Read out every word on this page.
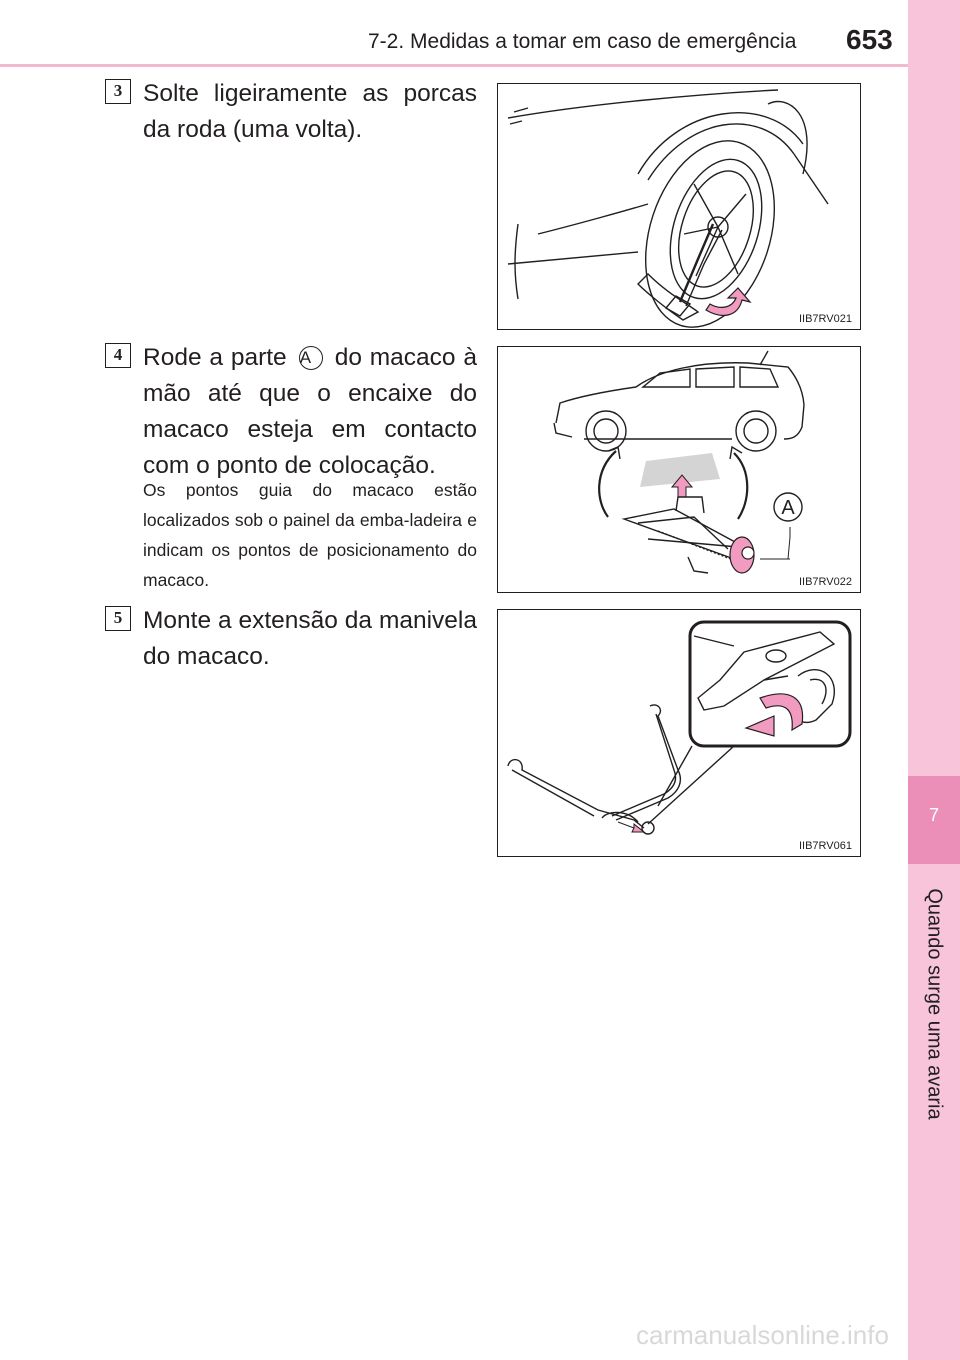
7-2. Medidas a tomar em caso de emergência 653
7
Quando surge uma avaria
3 Solte ligeiramente as porcas da roda (uma volta).
IIB7RV021
4 Rode a parte A do macaco à mão até que o encaixe do macaco esteja em contacto com o ponto de colocação.
Os pontos guia do macaco estão localizados sob o painel da emba-ladeira e indicam os pontos de posicionamento do macaco.
A
IIB7RV022
5 Monte a extensão da manivela do macaco.
IIB7RV061
carmanualsonline.info
